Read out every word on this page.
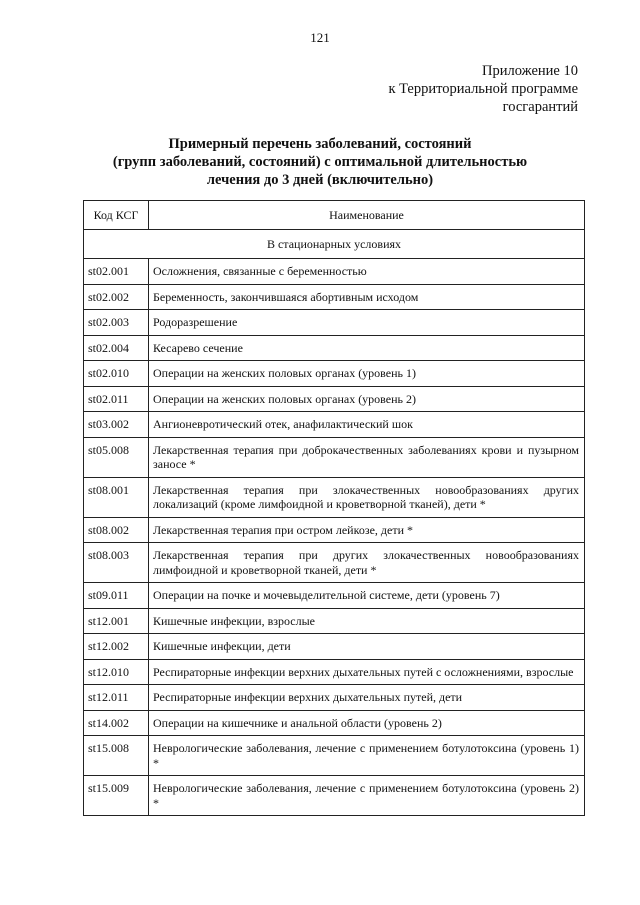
121
Приложение 10
к Территориальной программе
госгарантий
Примерный перечень заболеваний, состояний
(групп заболеваний, состояний) с оптимальной длительностью
лечения до 3 дней (включительно)
Код КСГ	Наименование
В стационарных условиях	
st02.001	Осложнения, связанные с беременностью
st02.002	Беременность, закончившаяся абортивным исходом
st02.003	Родоразрешение
st02.004	Кесарево сечение
st02.010	Операции на женских половых органах (уровень 1)
st02.011	Операции на женских половых органах (уровень 2)
st03.002	Ангионевротический отек, анафилактический шок
st05.008	Лекарственная терапия при доброкачественных заболеваниях крови и пузырном заносе *
st08.001	Лекарственная терапия при злокачественных новообразованиях других локализаций (кроме лимфоидной и кроветворной тканей), дети *
st08.002	Лекарственная терапия при остром лейкозе, дети *
st08.003	Лекарственная терапия при других злокачественных новообразованиях лимфоидной и кроветворной тканей, дети *
st09.011	Операции на почке и мочевыделительной системе, дети (уровень 7)
st12.001	Кишечные инфекции, взрослые
st12.002	Кишечные инфекции, дети
st12.010	Респираторные инфекции верхних дыхательных путей с осложнениями, взрослые
st12.011	Респираторные инфекции верхних дыхательных путей, дети
st14.002	Операции на кишечнике и анальной области (уровень 2)
st15.008	Неврологические заболевания, лечение с применением ботулотоксина (уровень 1) *
st15.009	Неврологические заболевания, лечение с применением ботулотоксина (уровень 2) *
